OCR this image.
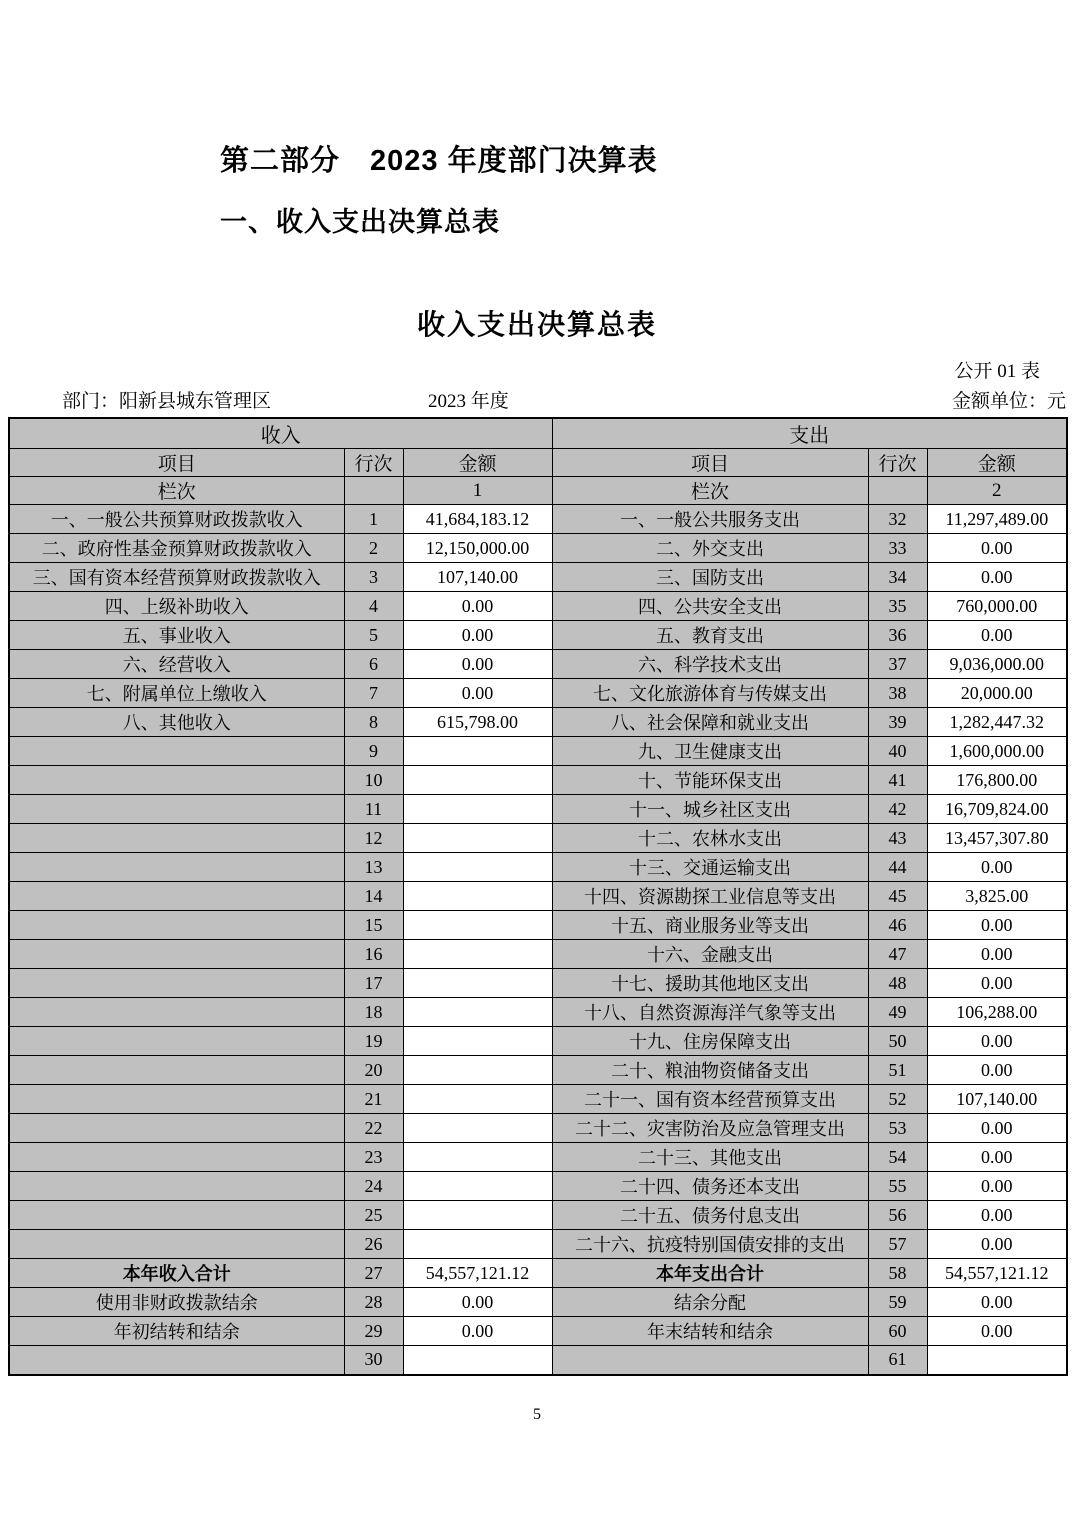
第二部分　2023 年度部门决算表
一、收入支出决算总表
收入支出决算总表
公开 01 表
部门：阳新县城东管理区	2023 年度	金额单位：元
收入			支出		
项目	行次	金额	项目	行次	金额
栏次		1	栏次		2
一、一般公共预算财政拨款收入	1	41,684,183.12	一、一般公共服务支出	32	11,297,489.00
二、政府性基金预算财政拨款收入	2	12,150,000.00	二、外交支出	33	0.00
三、国有资本经营预算财政拨款收入	3	107,140.00	三、国防支出	34	0.00
四、上级补助收入	4	0.00	四、公共安全支出	35	760,000.00
五、事业收入	5	0.00	五、教育支出	36	0.00
六、经营收入	6	0.00	六、科学技术支出	37	9,036,000.00
七、附属单位上缴收入	7	0.00	七、文化旅游体育与传媒支出	38	20,000.00
八、其他收入	8	615,798.00	八、社会保障和就业支出	39	1,282,447.32
	9		九、卫生健康支出	40	1,600,000.00
	10		十、节能环保支出	41	176,800.00
	11		十一、城乡社区支出	42	16,709,824.00
	12		十二、农林水支出	43	13,457,307.80
	13		十三、交通运输支出	44	0.00
	14		十四、资源勘探工业信息等支出	45	3,825.00
	15		十五、商业服务业等支出	46	0.00
	16		十六、金融支出	47	0.00
	17		十七、援助其他地区支出	48	0.00
	18		十八、自然资源海洋气象等支出	49	106,288.00
	19		十九、住房保障支出	50	0.00
	20		二十、粮油物资储备支出	51	0.00
	21		二十一、国有资本经营预算支出	52	107,140.00
	22		二十二、灾害防治及应急管理支出	53	0.00
	23		二十三、其他支出	54	0.00
	24		二十四、债务还本支出	55	0.00
	25		二十五、债务付息支出	56	0.00
	26		二十六、抗疫特别国债安排的支出	57	0.00
本年收入合计	27	54,557,121.12	本年支出合计	58	54,557,121.12
使用非财政拨款结余	28	0.00	结余分配	59	0.00
年初结转和结余	29	0.00	年末结转和结余	60	0.00
	30			61	
5
